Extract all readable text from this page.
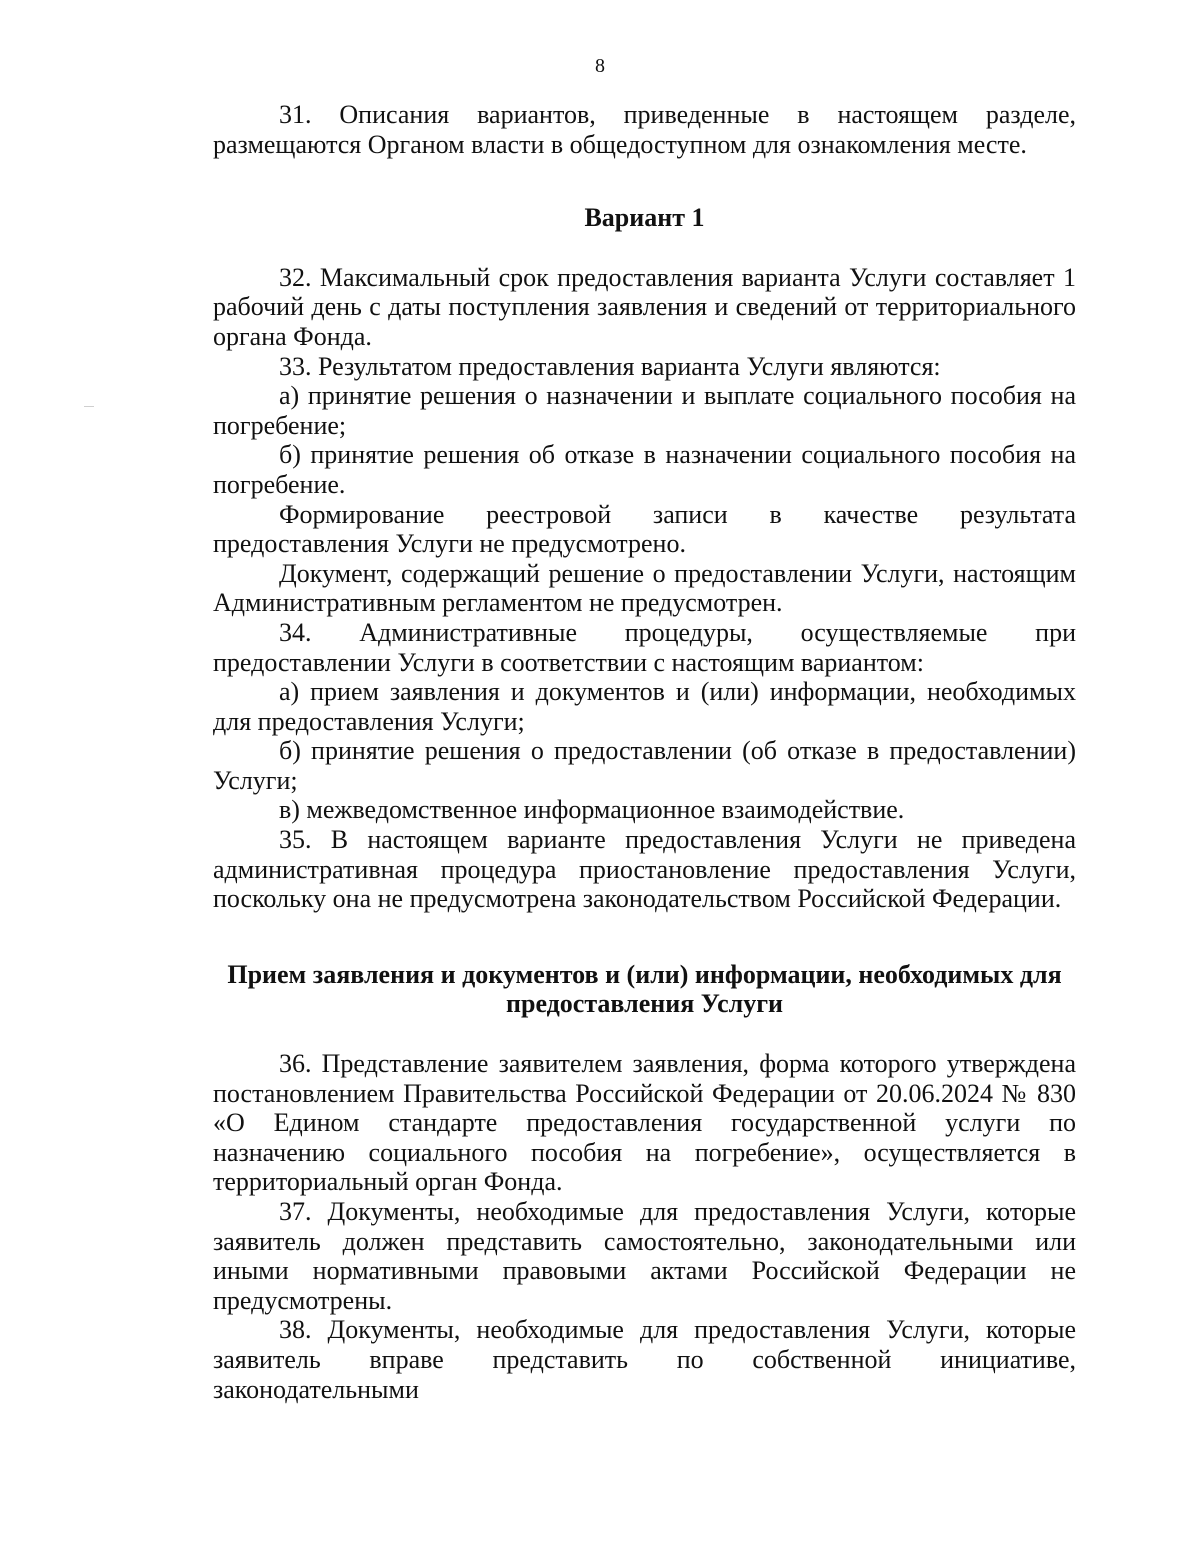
8

31. Описания вариантов, приведенные в настоящем разделе, размещаются Органом власти в общедоступном для ознакомления месте.

Вариант 1

32. Максимальный срок предоставления варианта Услуги составляет 1 рабочий день с даты поступления заявления и сведений от территориального органа Фонда.

33. Результатом предоставления варианта Услуги являются:

а) принятие решения о назначении и выплате социального пособия на погребение;

б) принятие решения об отказе в назначении социального пособия на погребение.

Формирование реестровой записи в качестве результата предоставления Услуги не предусмотрено.

Документ, содержащий решение о предоставлении Услуги, настоящим Административным регламентом не предусмотрен.

34. Административные процедуры, осуществляемые при предоставлении Услуги в соответствии с настоящим вариантом:

а) прием заявления и документов и (или) информации, необходимых для предоставления Услуги;

б) принятие решения о предоставлении (об отказе в предоставлении) Услуги;

в) межведомственное информационное взаимодействие.

35. В настоящем варианте предоставления Услуги не приведена административная процедура приостановление предоставления Услуги, поскольку она не предусмотрена законодательством Российской Федерации.

Прием заявления и документов и (или) информации, необходимых для предоставления Услуги

36. Представление заявителем заявления, форма которого утверждена постановлением Правительства Российской Федерации от 20.06.2024 № 830 «О Едином стандарте предоставления государственной услуги по назначению социального пособия на погребение», осуществляется в территориальный орган Фонда.

37. Документы, необходимые для предоставления Услуги, которые заявитель должен представить самостоятельно, законодательными или иными нормативными правовыми актами Российской Федерации не предусмотрены.

38. Документы, необходимые для предоставления Услуги, которые заявитель вправе представить по собственной инициативе, законодательными
